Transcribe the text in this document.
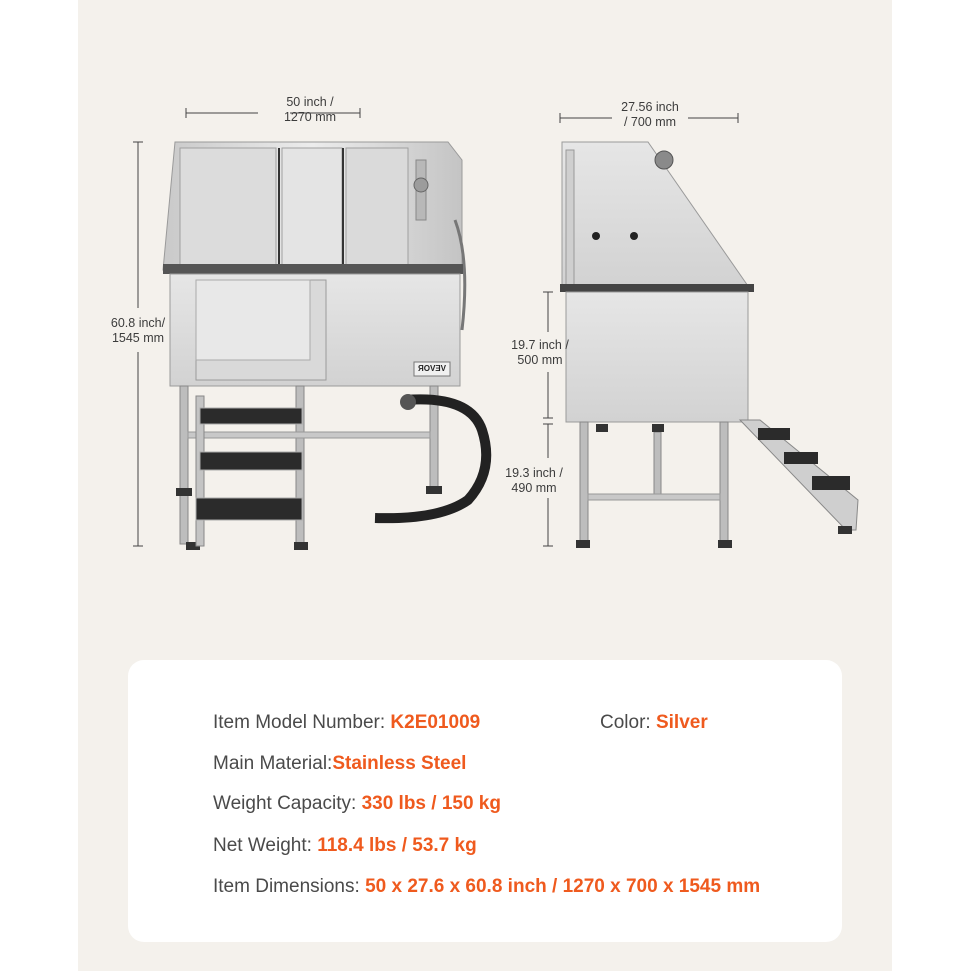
VEVOR
50 inch /
1270 mm
60.8 inch/
1545 mm
27.56 inch
/ 700 mm
19.7 inch /
500 mm
19.3 inch /
490 mm
Item Model Number: K2E01009	Color: Silver
Main Material:Stainless Steel
Weight Capacity: 330 lbs / 150 kg
Net Weight: 118.4 lbs / 53.7 kg
Item Dimensions: 50 x 27.6 x 60.8 inch / 1270 x 700 x 1545 mm
